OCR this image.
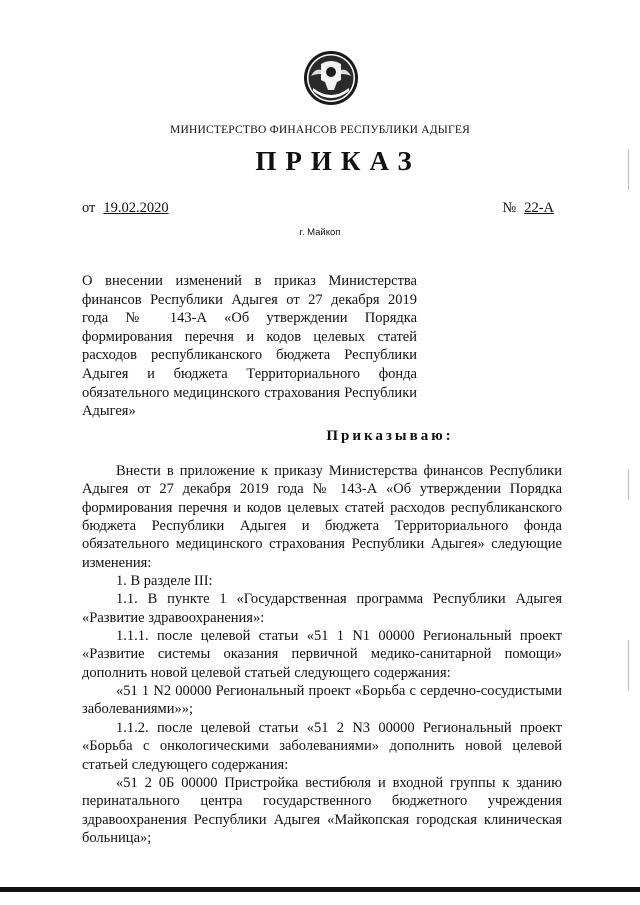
МИНИСТЕРСТВО ФИНАНСОВ РЕСПУБЛИКИ АДЫГЕЯ
ПРИКАЗ
от 19.02.2020	№ 22-А
г. Майкоп
О внесении изменений в приказ Министерства финансов Республики Адыгея от 27 декабря 2019 года № 143-А «Об утверждении Порядка формирования перечня и кодов целевых статей расходов республиканского бюджета Республики Адыгея и бюджета Территориального фонда обязательного медицинского страхования Республики Адыгея»
Приказываю:

Внести в приложение к приказу Министерства финансов Республики Адыгея от 27 декабря 2019 года № 143-А «Об утверждении Порядка формирования перечня и кодов целевых статей расходов республиканского бюджета Республики Адыгея и бюджета Территориального фонда обязательного медицинского страхования Республики Адыгея» следующие изменения:

1. В разделе III:

1.1. В пункте 1 «Государственная программа Республики Адыгея «Развитие здравоохранения»:

1.1.1. после целевой статьи «51 1 N1 00000 Региональный проект «Развитие системы оказания первичной медико-санитарной помощи» дополнить новой целевой статьей следующего содержания:

«51 1 N2 00000 Региональный проект «Борьба с сердечно-сосудистыми заболеваниями»»;

1.1.2. после целевой статьи «51 2 N3 00000 Региональный проект «Борьба с онкологическими заболеваниями» дополнить новой целевой статьей следующего содержания:

«51 2 0Б 00000 Пристройка вестибюля и входной группы к зданию перинатального центра государственного бюджетного учреждения здравоохранения Республики Адыгея «Майкопская городская клиническая больница»;
